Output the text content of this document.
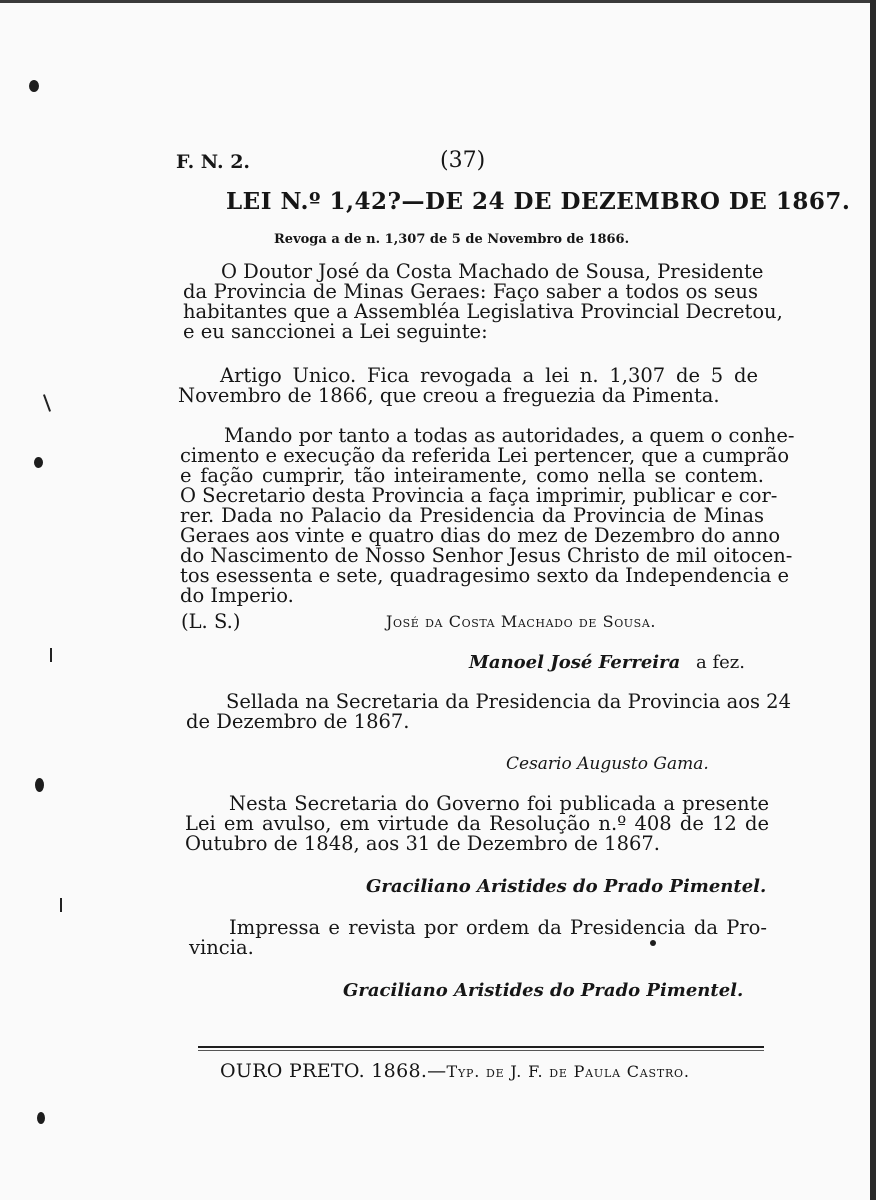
F. N. 2.	(37)
LEI N.º 1,42?—DE 24 DE DEZEMBRO DE 1867.
Revoga a de n. 1,307 de 5 de Novembro de 1866.
O Doutor José da Costa Machado de Sousa, Presidente
da Provincia de Minas Geraes: Faço saber a todos os seus
habitantes que a Assembléa Legislativa Provincial Decretou,
e eu sanccionei a Lei seguinte:
Artigo Unico. Fica revogada a lei n. 1,307 de 5 de
Novembro de 1866, que creou a freguezia da Pimenta.
Mando por tanto a todas as autoridades, a quem o conhe-
cimento e execução da referida Lei pertencer, que a cumprão
e fação cumprir, tão inteiramente, como nella se contem.
O Secretario desta Provincia a faça imprimir, publicar e cor-
rer. Dada no Palacio da Presidencia da Provincia de Minas
Geraes aos vinte e quatro dias do mez de Dezembro do anno
do Nascimento de Nosso Senhor Jesus Christo de mil oitocen-
tos esessenta e sete, quadragesimo sexto da Independencia e
do Imperio.
(L. S.)	José da Costa Machado de Sousa.
Manoel José Ferreira a fez.
Sellada na Secretaria da Presidencia da Provincia aos 24
de Dezembro de 1867.
Cesario Augusto Gama.
Nesta Secretaria do Governo foi publicada a presente
Lei em avulso, em virtude da Resolução n.º 408 de 12 de
Outubro de 1848, aos 31 de Dezembro de 1867.
Graciliano Aristides do Prado Pimentel.
Impressa e revista por ordem da Presidencia da Pro-
vincia.
Graciliano Aristides do Prado Pimentel.
OURO PRETO. 1868.—Typ. de J. F. de Paula Castro.
